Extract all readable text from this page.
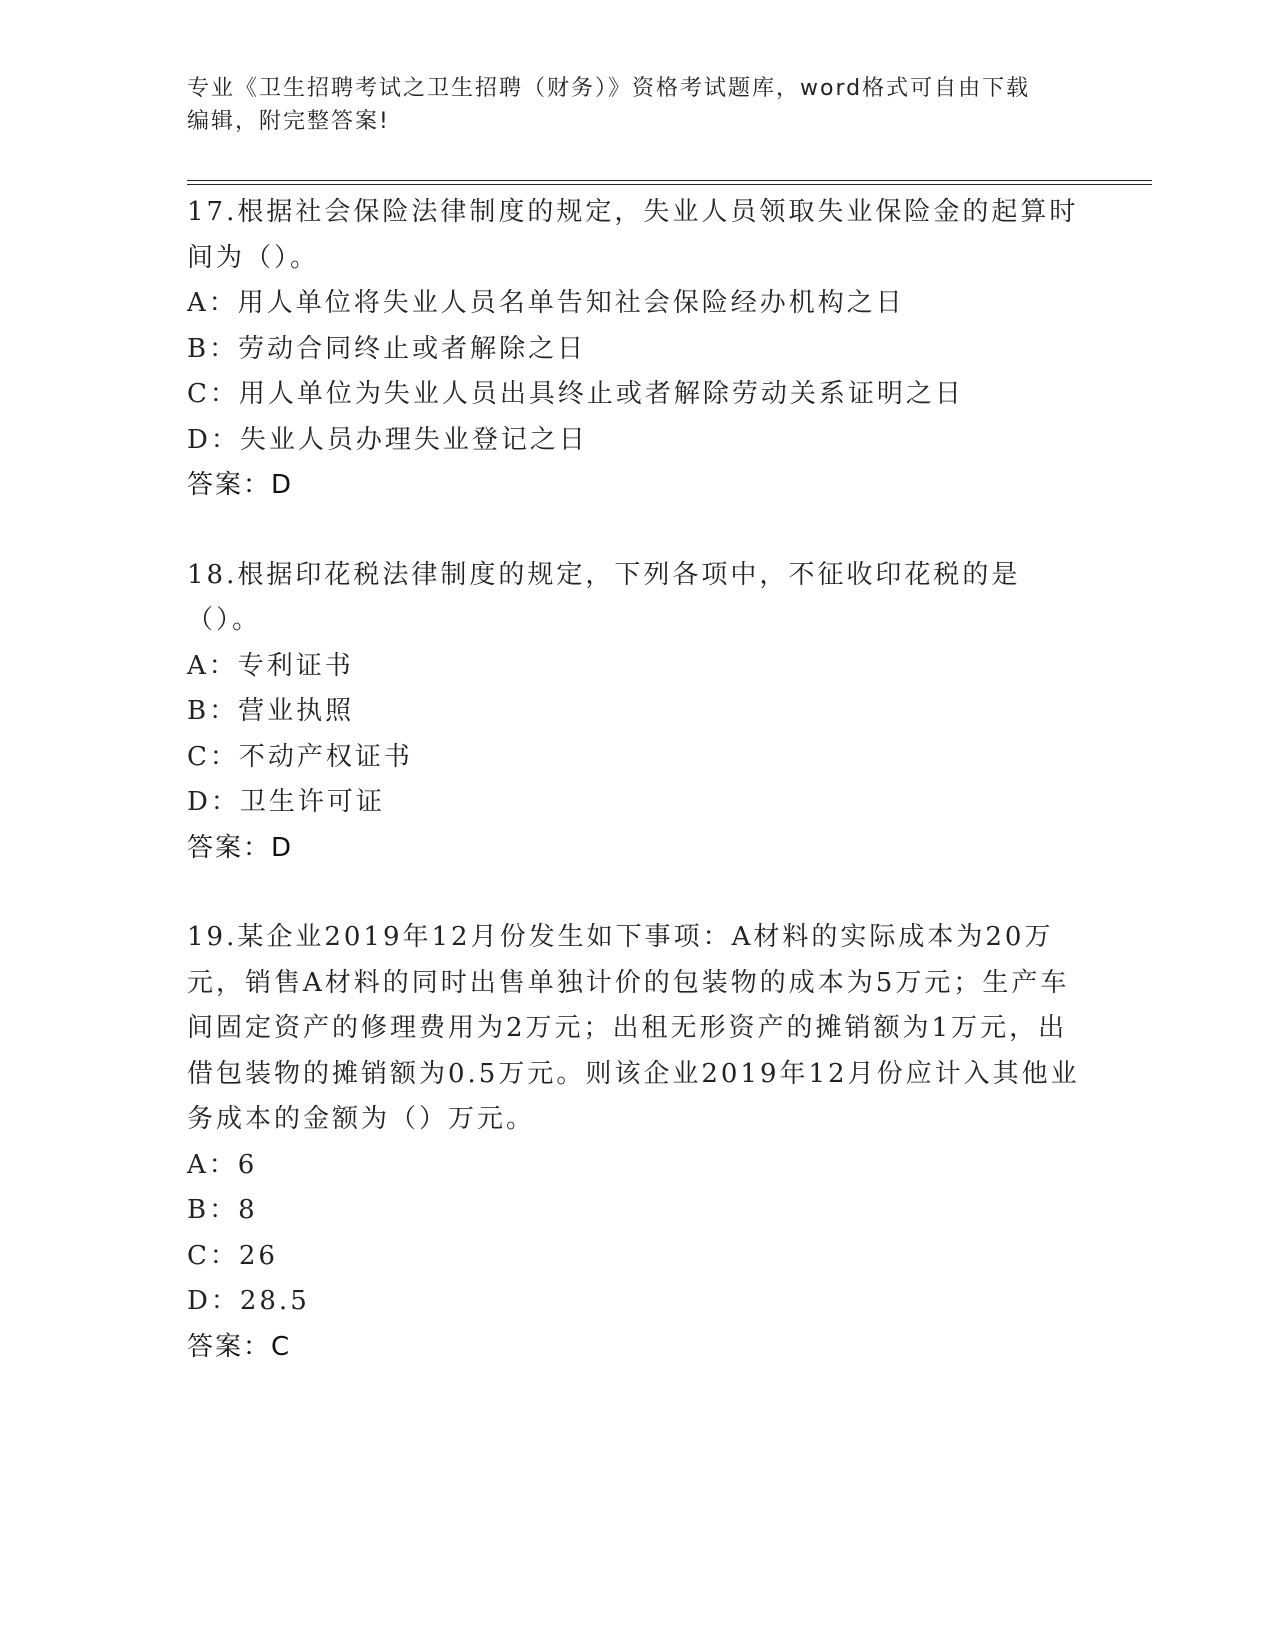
专业《卫生招聘考试之卫生招聘（财务）》资格考试题库，word格式可自由下载
编辑，附完整答案!
17.根据社会保险法律制度的规定，失业人员领取失业保险金的起算时间为（）。
A：用人单位将失业人员名单告知社会保险经办机构之日
B：劳动合同终止或者解除之日
C：用人单位为失业人员出具终止或者解除劳动关系证明之日
D：失业人员办理失业登记之日
答案：D
18.根据印花税法律制度的规定，下列各项中，不征收印花税的是（）。
A：专利证书
B：营业执照
C：不动产权证书
D：卫生许可证
答案：D
19.某企业2019年12月份发生如下事项：A材料的实际成本为20万元，销售A材料的同时出售单独计价的包装物的成本为5万元；生产车间固定资产的修理费用为2万元；出租无形资产的摊销额为1万元，出借包装物的摊销额为0.5万元。则该企业2019年12月份应计入其他业务成本的金额为（）万元。
A：6
B：8
C：26
D：28.5
答案：C
